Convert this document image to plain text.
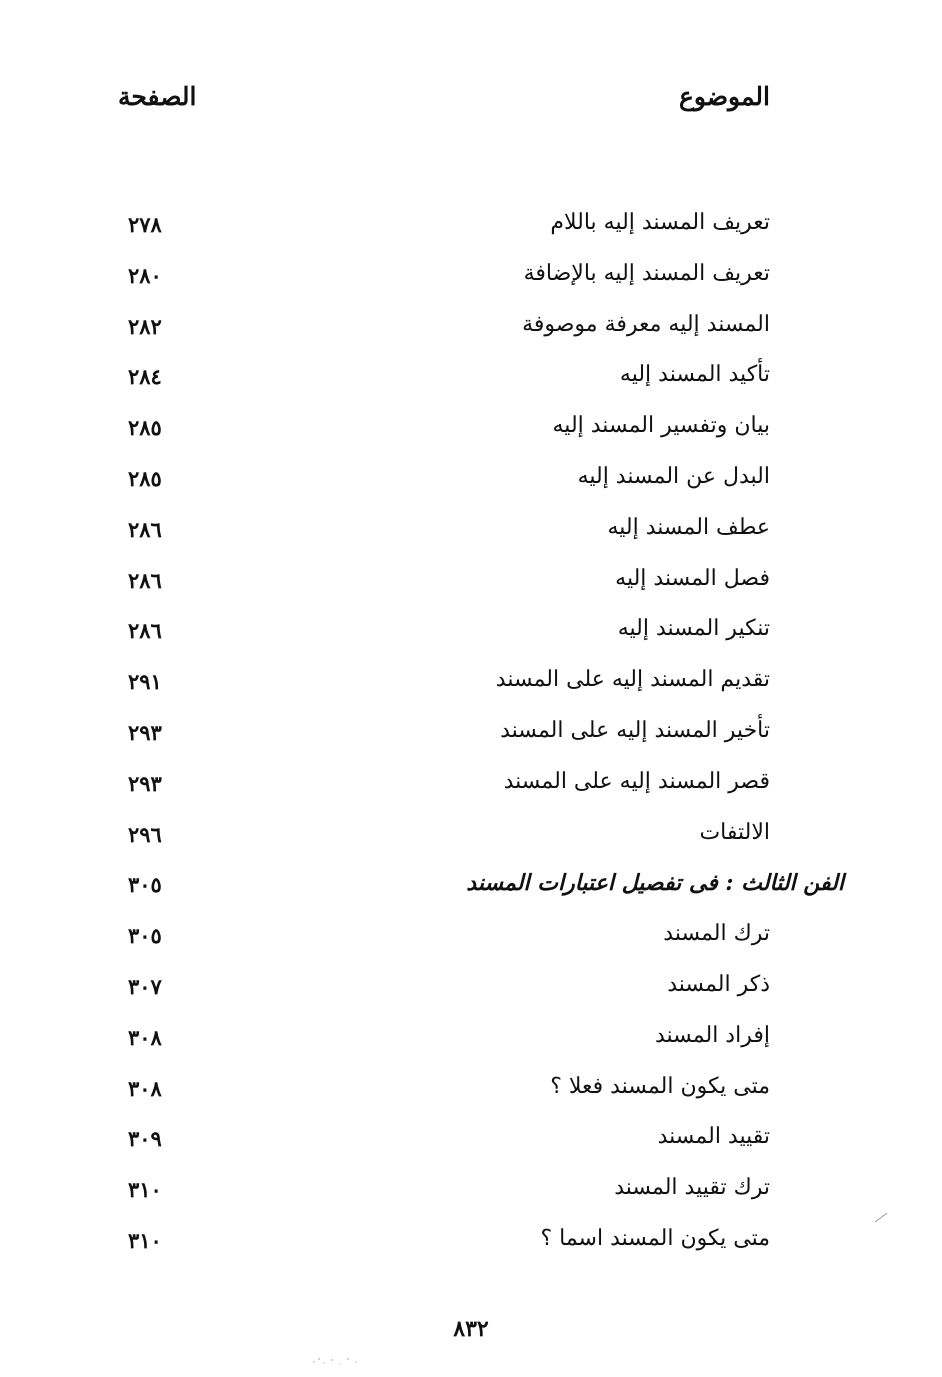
الموضوع
الصفحة
تعريف المسند إليه باللام
٢٧٨
تعريف المسند إليه بالإضافة
٢٨٠
المسند إليه معرفة موصوفة
٢٨٢
تأكيد المسند إليه
٢٨٤
بيان وتفسير المسند إليه
٢٨٥
البدل عن المسند إليه
٢٨٥
عطف المسند إليه
٢٨٦
فصل المسند إليه
٢٨٦
تنكير المسند إليه
٢٨٦
تقديم المسند إليه على المسند
٢٩١
تأخير المسند إليه على المسند
٢٩٣
قصر المسند إليه على المسند
٢٩٣
الالتفات
٢٩٦
الفن الثالث : فى تفصيل اعتبارات المسند
٣٠٥
ترك المسند
٣٠٥
ذكر المسند
٣٠٧
إفراد المسند
٣٠٨
متى يكون المسند فعلا ؟
٣٠٨
تقييد المسند
٣٠٩
ترك تقييد المسند
٣١٠
متى يكون المسند اسما ؟
٣١٠
٨٣٢
